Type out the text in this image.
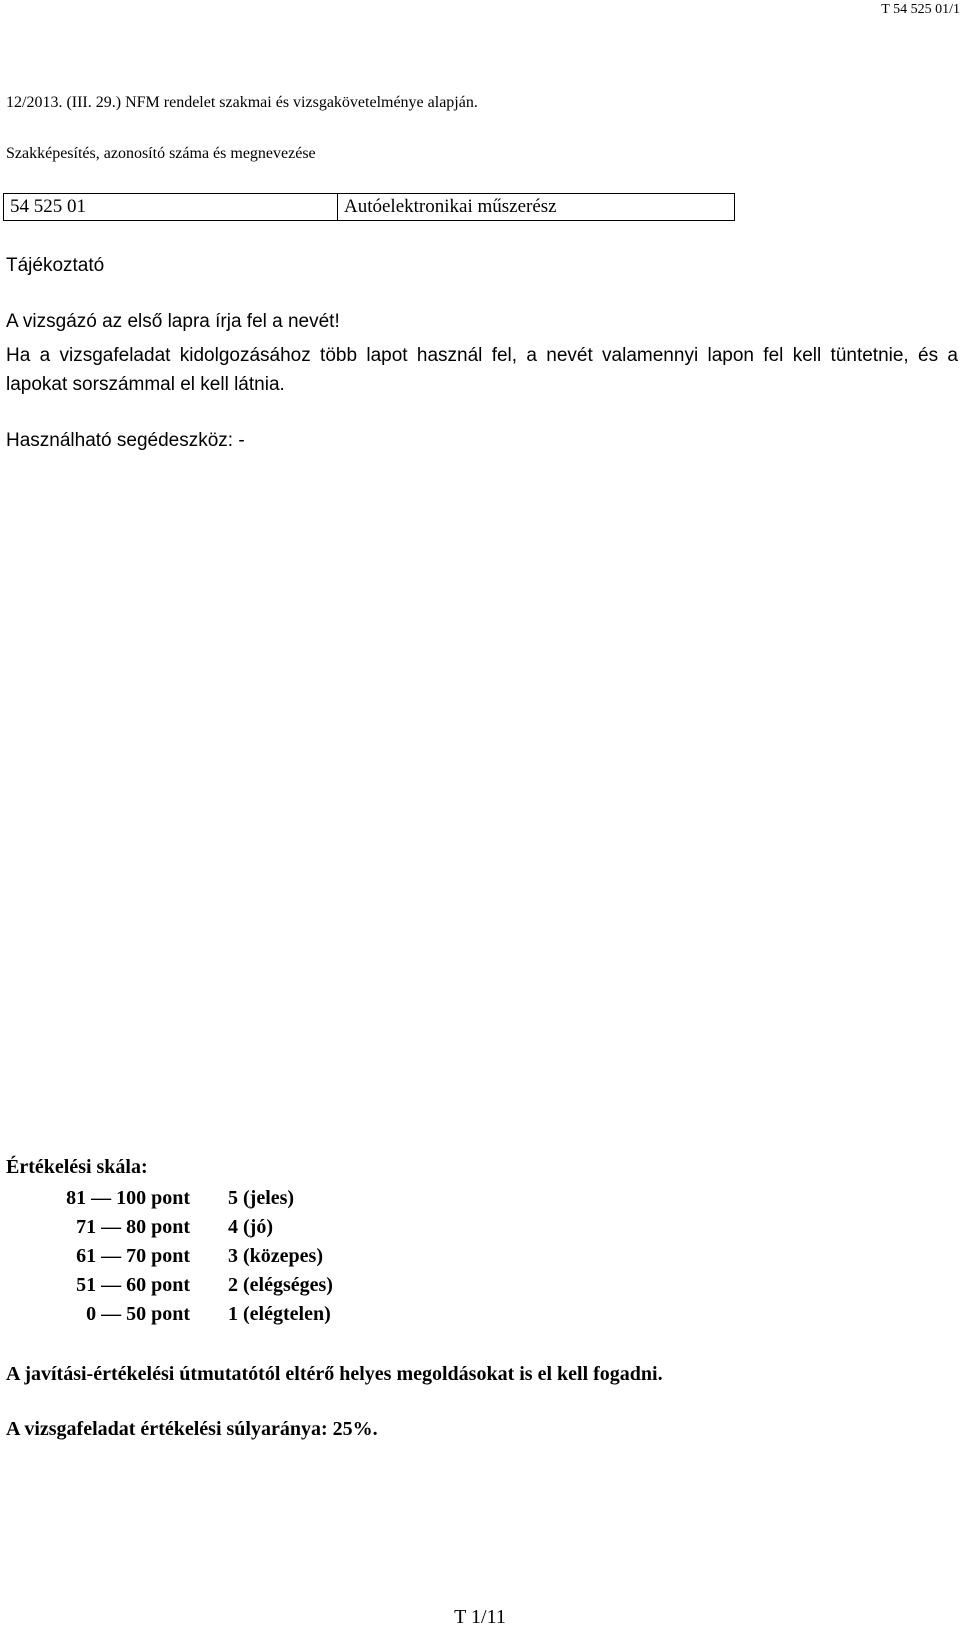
T 54 525 01/1
12/2013. (III. 29.) NFM rendelet szakmai és vizsgakövetelménye alapján.
Szakképesítés, azonosító száma és megnevezése
54 525 01	Autóelektronikai műszerész
Tájékoztató
A vizsgázó az első lapra írja fel a nevét!
Ha a vizsgafeladat kidolgozásához több lapot használ fel, a nevét valamennyi lapon fel kell tüntetnie, és a lapokat sorszámmal el kell látnia.
Használható segédeszköz: -
Értékelési skála:
81 — 100 pont 5 (jeles)
71 — 80 pont 4 (jó)
61 — 70 pont 3 (közepes)
51 — 60 pont 2 (elégséges)
0 — 50 pont 1 (elégtelen)
A javítási-értékelési útmutatótól eltérő helyes megoldásokat is el kell fogadni.
A vizsgafeladat értékelési súlyaránya: 25%.
T 1/11
